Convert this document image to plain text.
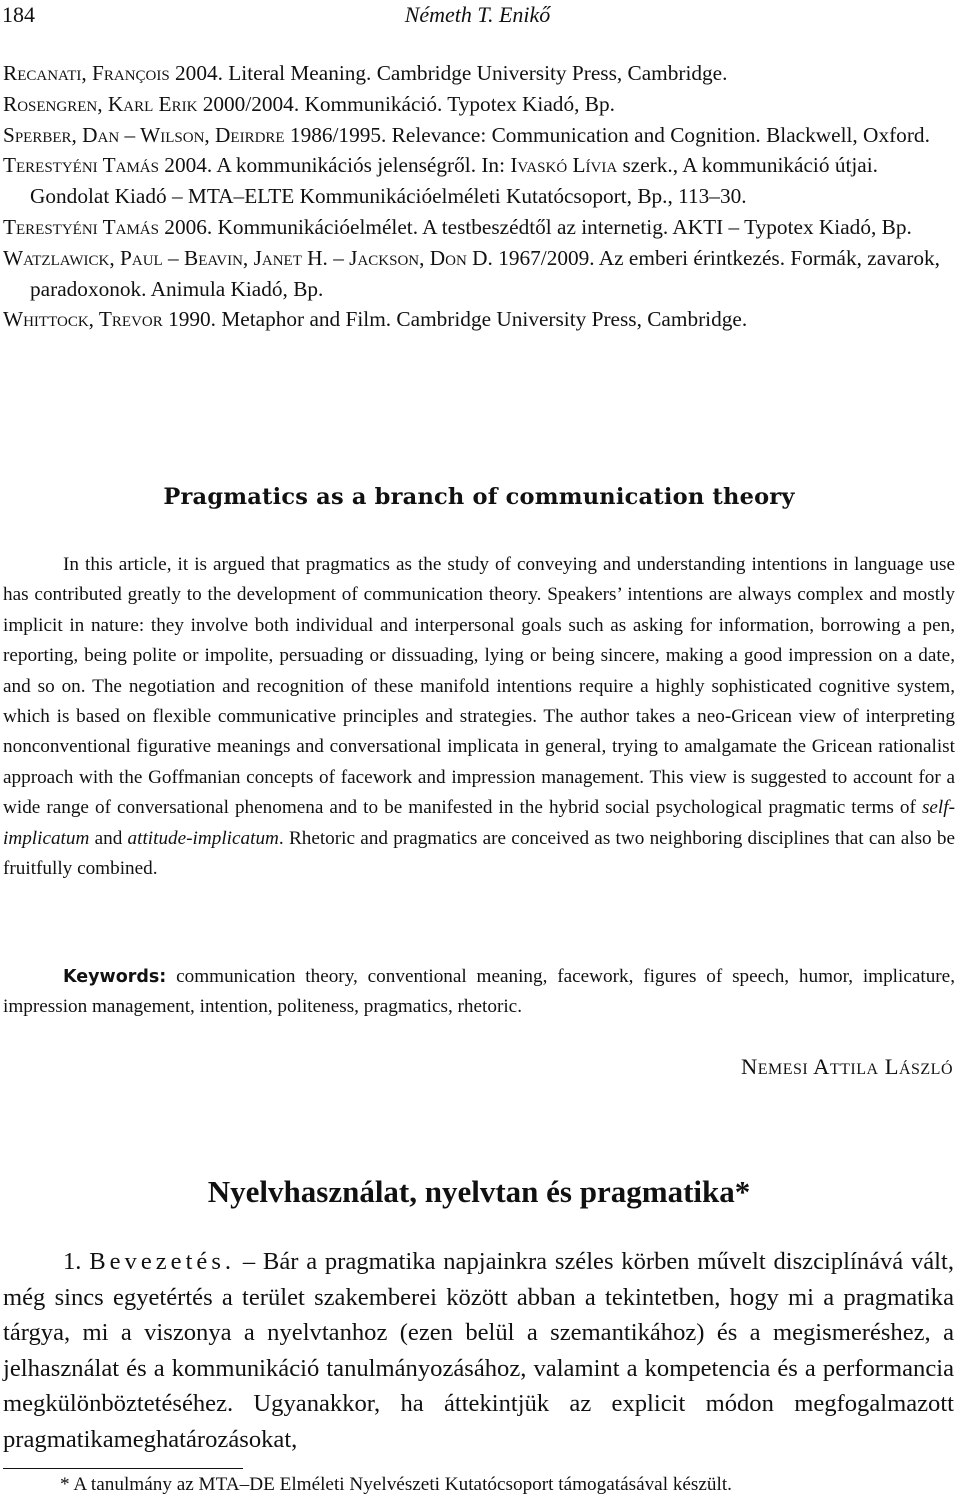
184	Németh T. Enikő
Recanati, François 2004. Literal Meaning. Cambridge University Press, Cambridge.
Rosengren, Karl Erik 2000/2004. Kommunikáció. Typotex Kiadó, Bp.
Sperber, Dan – Wilson, Deirdre 1986/1995. Relevance: Communication and Cognition. Blackwell, Oxford.
Terestyéni Tamás 2004. A kommunikációs jelenségről. In: Ivaskó Lívia szerk., A kommunikáció útjai. Gondolat Kiadó – MTA–ELTE Kommunikációelméleti Kutatócsoport, Bp., 113–30.
Terestyéni Tamás 2006. Kommunikációelmélet. A testbeszédtől az internetig. AKTI – Typotex Kiadó, Bp.
Watzlawick, Paul – Beavin, Janet H. – Jackson, Don D. 1967/2009. Az emberi érintkezés. Formák, zavarok, paradoxonok. Animula Kiadó, Bp.
Whittock, Trevor 1990. Metaphor and Film. Cambridge University Press, Cambridge.
Pragmatics as a branch of communication theory

In this article, it is argued that pragmatics as the study of conveying and understanding intentions in language use has contributed greatly to the development of communication theory. Speakers’ intentions are always complex and mostly implicit in nature: they involve both individual and interpersonal goals such as asking for information, borrowing a pen, reporting, being polite or impolite, persuading or dissuading, lying or being sincere, making a good impression on a date, and so on. The negotiation and recognition of these manifold intentions require a highly sophisticated cognitive system, which is based on flexible communicative principles and strategies. The author takes a neo-Gricean view of interpreting nonconventional figurative meanings and conversational implicata in general, trying to amalgamate the Gricean rationalist approach with the Goffmanian concepts of facework and impression management. This view is suggested to account for a wide range of conversational phenomena and to be manifested in the hybrid social psychological pragmatic terms of self-implicatum and attitude-implicatum. Rhetoric and pragmatics are conceived as two neighboring disciplines that can also be fruitfully combined.

Keywords: communication theory, conventional meaning, facework, figures of speech, humor, implicature, impression management, intention, politeness, pragmatics, rhetoric.

Nemesi Attila László
Nyelvhasználat, nyelvtan és pragmatika*

1. Bevezetés. – Bár a pragmatika napjainkra széles körben művelt diszciplínává vált, még sincs egyetértés a terület szakemberei között abban a tekintetben, hogy mi a pragmatika tárgya, mi a viszonya a nyelvtanhoz (ezen belül a szemantikához) és a megismeréshez, a jelhasználat és a kommunikáció tanulmányozásához, valamint a kompetencia és a performancia megkülönböztetéséhez. Ugyanakkor, ha áttekintjük az explicit módon megfogalmazott pragmatikameghatározásokat,

* A tanulmány az MTA–DE Elméleti Nyelvészeti Kutatócsoport támogatásával készült.
